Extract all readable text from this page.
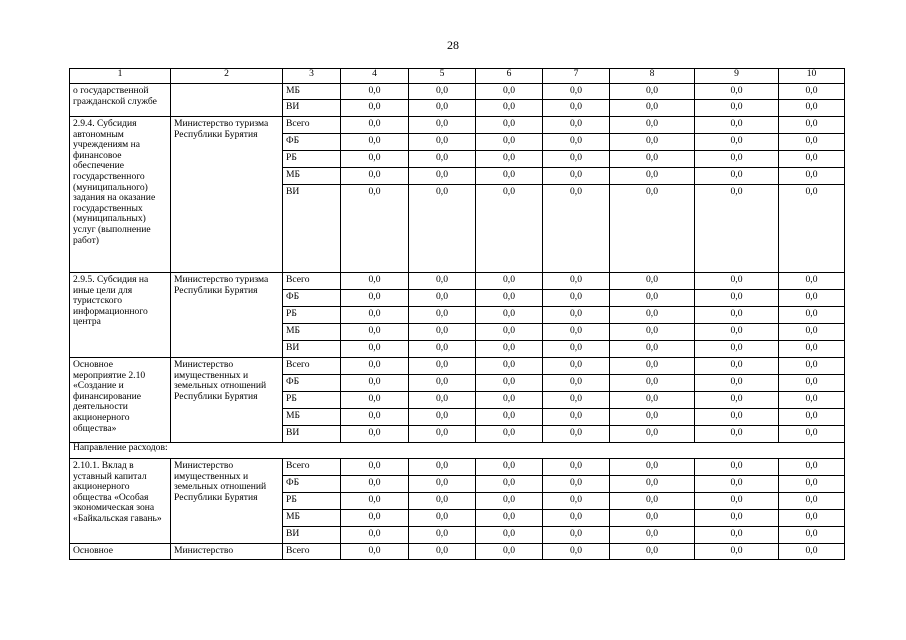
28
1	2	3	4	5	6	7	8	9	10
о государственной гражданской службе		МБ	0,0	0,0	0,0	0,0	0,0	0,0	0,0
		ВИ	0,0	0,0	0,0	0,0	0,0	0,0	0,0
2.9.4. Субсидия автономным учреждениям на финансовое обеспечение государственного (муниципального) задания на оказание государственных (муниципальных) услуг (выполнение работ)	Министерство туризма Республики Бурятия	Всего	0,0	0,0	0,0	0,0	0,0	0,0	0,0
		ФБ	0,0	0,0	0,0	0,0	0,0	0,0	0,0
		РБ	0,0	0,0	0,0	0,0	0,0	0,0	0,0
		МБ	0,0	0,0	0,0	0,0	0,0	0,0	0,0
		ВИ	0,0	0,0	0,0	0,0	0,0	0,0	0,0
2.9.5. Субсидия на иные цели для туристского информационного центра	Министерство туризма Республики Бурятия	Всего	0,0	0,0	0,0	0,0	0,0	0,0	0,0
		ФБ	0,0	0,0	0,0	0,0	0,0	0,0	0,0
		РБ	0,0	0,0	0,0	0,0	0,0	0,0	0,0
		МБ	0,0	0,0	0,0	0,0	0,0	0,0	0,0
		ВИ	0,0	0,0	0,0	0,0	0,0	0,0	0,0
Основное мероприятие 2.10 «Создание и финансирование деятельности акционерного общества»	Министерство имущественных и земельных отношений Республики Бурятия	Всего	0,0	0,0	0,0	0,0	0,0	0,0	0,0
		ФБ	0,0	0,0	0,0	0,0	0,0	0,0	0,0
		РБ	0,0	0,0	0,0	0,0	0,0	0,0	0,0
		МБ	0,0	0,0	0,0	0,0	0,0	0,0	0,0
		ВИ	0,0	0,0	0,0	0,0	0,0	0,0	0,0
Направление расходов:									
2.10.1. Вклад в уставный капитал акционерного общества «Особая экономическая зона «Байкальская гавань»	Министерство имущественных и земельных отношений Республики Бурятия	Всего	0,0	0,0	0,0	0,0	0,0	0,0	0,0
		ФБ	0,0	0,0	0,0	0,0	0,0	0,0	0,0
		РБ	0,0	0,0	0,0	0,0	0,0	0,0	0,0
		МБ	0,0	0,0	0,0	0,0	0,0	0,0	0,0
		ВИ	0,0	0,0	0,0	0,0	0,0	0,0	0,0
Основное	Министерство	Всего	0,0	0,0	0,0	0,0	0,0	0,0	0,0
